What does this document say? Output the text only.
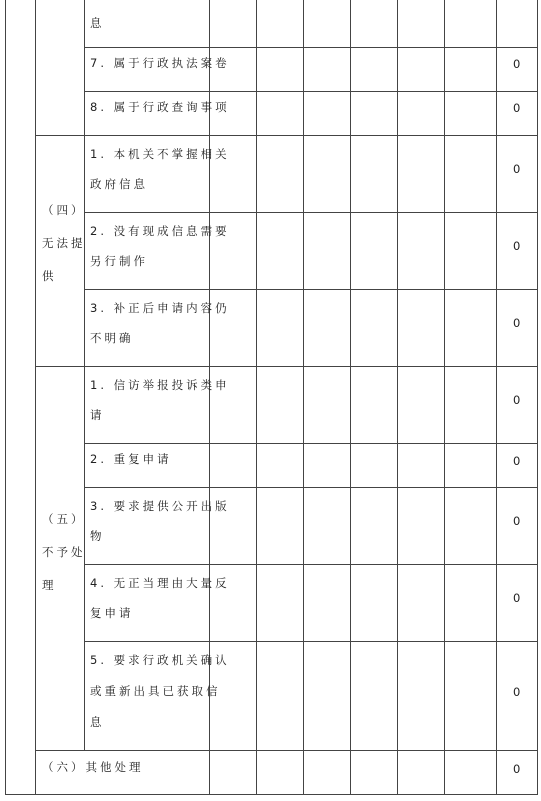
（四）
无法提
供
（五）
不予处
理
（六）其他处理
息
7. 属于行政执法案卷
8. 属于行政查询事项
1. 本机关不掌握相关
政府信息
2. 没有现成信息需要
另行制作
3. 补正后申请内容仍
不明确
1. 信访举报投诉类申
请
2. 重复申请
3. 要求提供公开出版
物
4. 无正当理由大量反
复申请
5. 要求行政机关确认
或重新出具已获取信
息
0
0
0
0
0
0
0
0
0
0
0
